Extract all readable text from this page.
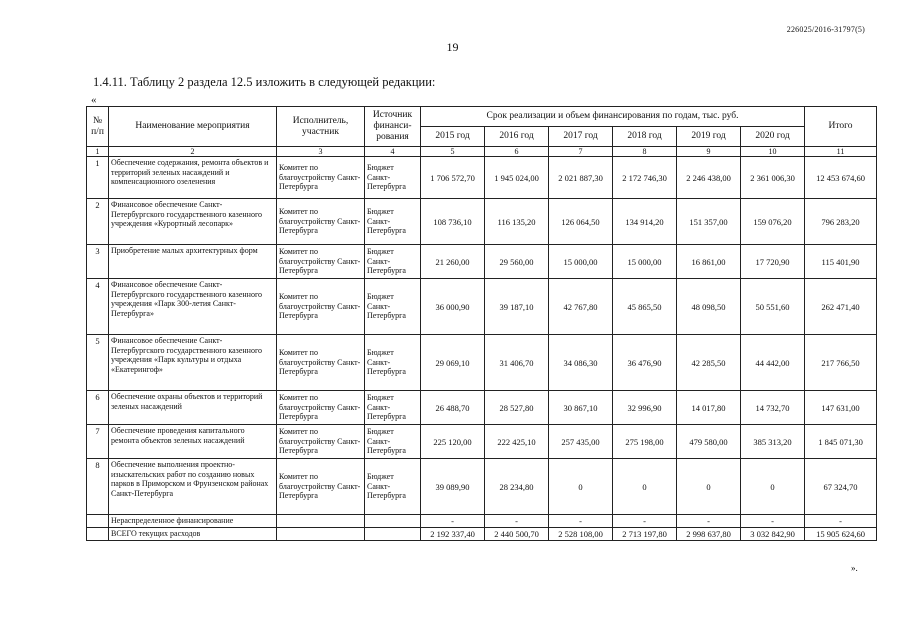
226025/2016-31797(5)
19
1.4.11. Таблицу 2 раздела 12.5 изложить в следующей редакции:
«
№ п/п	Наименование мероприятия	Исполнитель, участник	Источник финанси-рования	Срок реализации и объем финансирования по годам, тыс. руб.						Итого
				2015 год	2016 год	2017 год	2018 год	2019 год	2020 год	
1	2	3	4	5	6	7	8	9	10	11
1	Обеспечение содержания, ремонта объектов и территорий зеленых насаждений и компенсационного озеленения	Комитет по благоустройству Санкт-Петербурга	Бюджет Санкт-Петербурга	1 706 572,70	1 945 024,00	2 021 887,30	2 172 746,30	2 246 438,00	2 361 006,30	12 453 674,60
2	Финансовое обеспечение Санкт-Петербургского государственного казенного учреждения «Курортный лесопарк»	Комитет по благоустройству Санкт-Петербурга	Бюджет Санкт-Петербурга	108 736,10	116 135,20	126 064,50	134 914,20	151 357,00	159 076,20	796 283,20
3	Приобретение малых архитектурных форм	Комитет по благоустройству Санкт-Петербурга	Бюджет Санкт-Петербурга	21 260,00	29 560,00	15 000,00	15 000,00	16 861,00	17 720,90	115 401,90
4	Финансовое обеспечение Санкт-Петербургского государственного казенного учреждения «Парк 300-летия Санкт-Петербурга»	Комитет по благоустройству Санкт-Петербурга	Бюджет Санкт-Петербурга	36 000,90	39 187,10	42 767,80	45 865,50	48 098,50	50 551,60	262 471,40
5	Финансовое обеспечение Санкт-Петербургского государственного казенного учреждения «Парк культуры и отдыха «Екатерингоф»	Комитет по благоустройству Санкт-Петербурга	Бюджет Санкт-Петербурга	29 069,10	31 406,70	34 086,30	36 476,90	42 285,50	44 442,00	217 766,50
6	Обеспечение охраны объектов и территорий зеленых насаждений	Комитет по благоустройству Санкт-Петербурга	Бюджет Санкт-Петербурга	26 488,70	28 527,80	30 867,10	32 996,90	14 017,80	14 732,70	147 631,00
7	Обеспечение проведения капитального ремонта объектов зеленых насаждений	Комитет по благоустройству Санкт-Петербурга	Бюджет Санкт-Петербурга	225 120,00	222 425,10	257 435,00	275 198,00	479 580,00	385 313,20	1 845 071,30
8	Обеспечение выполнения проектно-изыскательских работ по созданию новых парков в Приморском и Фрунзенском районах Санкт-Петербурга	Комитет по благоустройству Санкт-Петербурга	Бюджет Санкт-Петербурга	39 089,90	28 234,80	0	0	0	0	67 324,70
	Нераспределенное финансирование			-	-	-	-	-	-	-
	ВСЕГО текущих расходов			2 192 337,40	2 440 500,70	2 528 108,00	2 713 197,80	2 998 637,80	3 032 842,90	15 905 624,60
».
